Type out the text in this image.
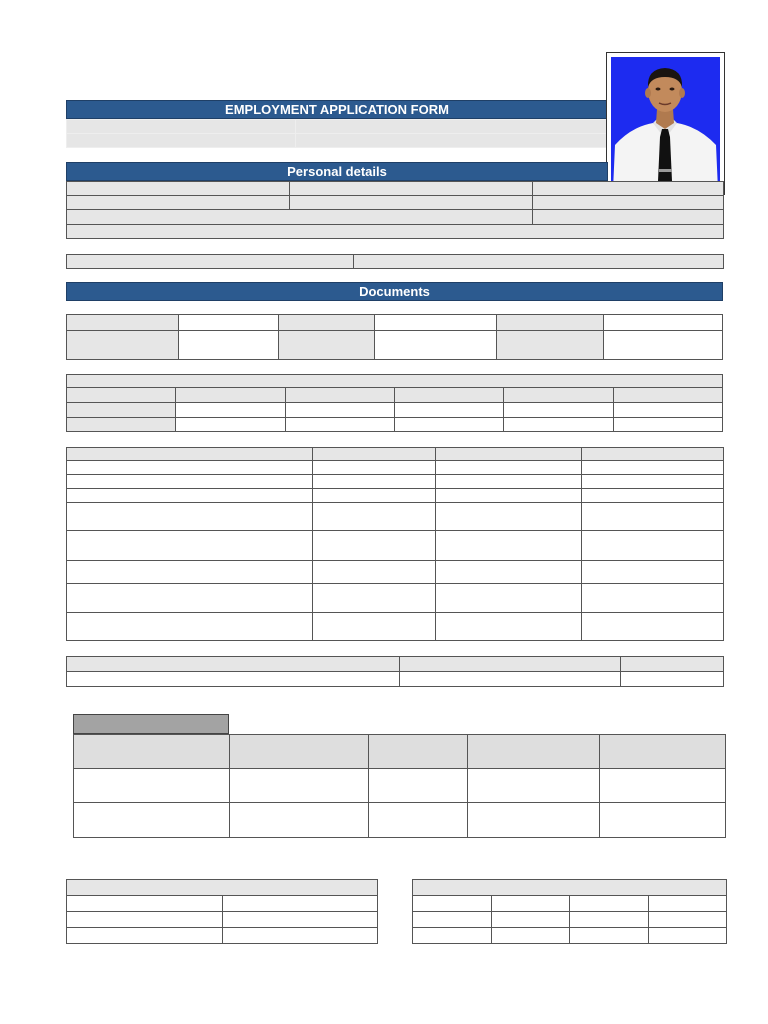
EMPLOYMENT APPLICATION FORM

Personal details

Documents
